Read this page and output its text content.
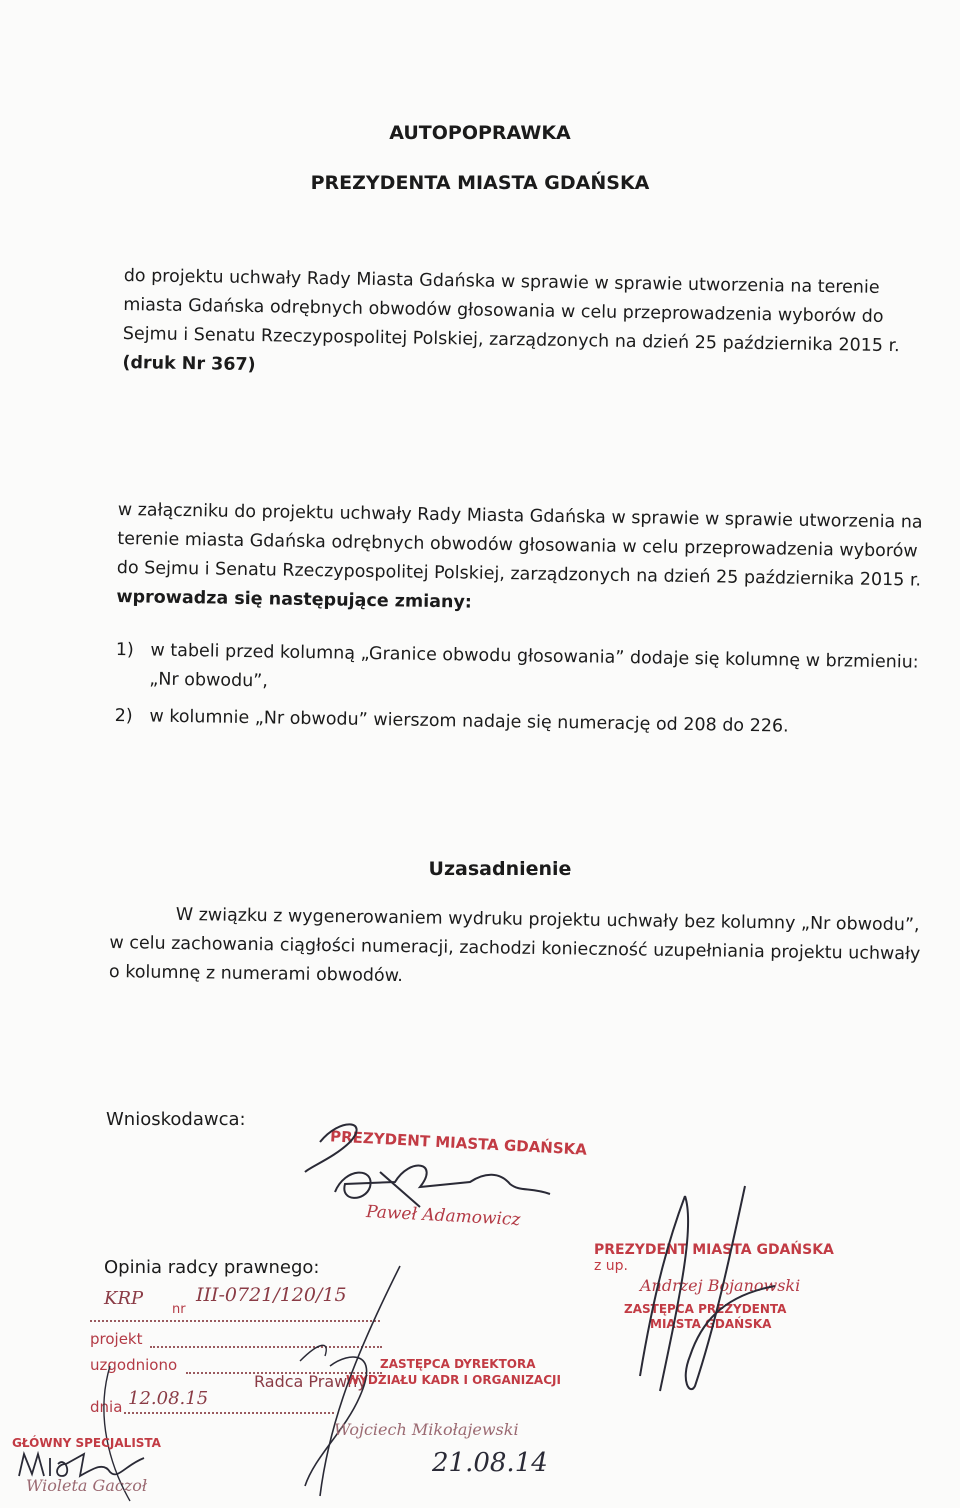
AUTOPOPRAWKA
PREZYDENTA MIASTA GDAŃSKA
do projektu uchwały Rady Miasta Gdańska w sprawie w sprawie utworzenia na terenie
miasta Gdańska odrębnych obwodów głosowania w celu przeprowadzenia wyborów do
Sejmu i Senatu Rzeczypospolitej Polskiej, zarządzonych na dzień 25 października 2015 r.
(druk Nr 367)
w załączniku do projektu uchwały Rady Miasta Gdańska w sprawie w sprawie utworzenia na
terenie miasta Gdańska odrębnych obwodów głosowania w celu przeprowadzenia wyborów
do Sejmu i Senatu Rzeczypospolitej Polskiej, zarządzonych na dzień 25 października 2015 r.
wprowadza się następujące zmiany:
1) w tabeli przed kolumną „Granice obwodu głosowania” dodaje się kolumnę w brzmieniu:
„Nr obwodu”,
2) w kolumnie „Nr obwodu” wierszom nadaje się numerację od 208 do 226.
Uzasadnienie
W związku z wygenerowaniem wydruku projektu uchwały bez kolumny „Nr obwodu”,
w celu zachowania ciągłości numeracji, zachodzi konieczność uzupełniania projektu uchwały
o kolumnę z numerami obwodów.
Wnioskodawca:
PREZYDENT MIASTA GDAŃSKA
Paweł Adamowicz
PREZYDENT MIASTA GDAŃSKA
z up.
Andrzej Bojanowski
ZASTĘPCA PREZYDENTA
MIASTA GDAŃSKA
Opinia radcy prawnego:
KRP
nr
III-0721/120/15
projekt
uzgodniono
Radca Prawny
ZASTĘPCA DYREKTORA
WYDZIAŁU KADR I ORGANIZACJI
dnia 12.08.15
Wojciech Mikołajewski
21.08.14
GŁÓWNY SPECJALISTA
Wioleta Gaczoł
